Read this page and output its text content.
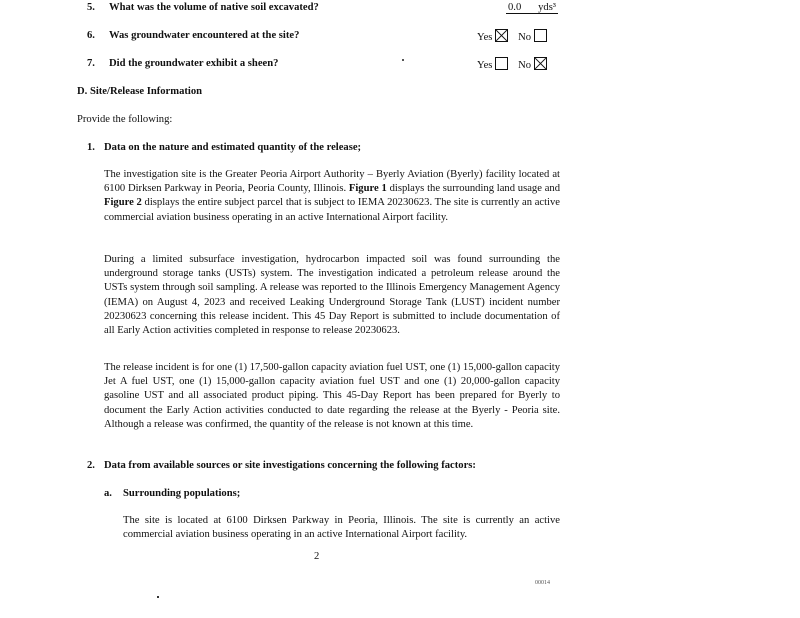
5. What was the volume of native soil excavated?	0.0 yds³
6. Was groundwater encountered at the site?	Yes No
7. Did the groundwater exhibit a sheen?	Yes No
D. Site/Release Information
Provide the following:
1. Data on the nature and estimated quantity of the release;
The investigation site is the Greater Peoria Airport Authority – Byerly Aviation (Byerly) facility located at 6100 Dirksen Parkway in Peoria, Peoria County, Illinois. Figure 1 displays the surrounding land usage and Figure 2 displays the entire subject parcel that is subject to IEMA 20230623. The site is currently an active commercial aviation business operating in an active International Airport facility.
During a limited subsurface investigation, hydrocarbon impacted soil was found surrounding the underground storage tanks (USTs) system. The investigation indicated a petroleum release around the USTs system through soil sampling. A release was reported to the Illinois Emergency Management Agency (IEMA) on August 4, 2023 and received Leaking Underground Storage Tank (LUST) incident number 20230623 concerning this release incident. This 45 Day Report is submitted to include documentation of all Early Action activities completed in response to release 20230623.
The release incident is for one (1) 17,500-gallon capacity aviation fuel UST, one (1) 15,000-gallon capacity Jet A fuel UST, one (1) 15,000-gallon capacity aviation fuel UST and one (1) 20,000-gallon capacity gasoline UST and all associated product piping. This 45-Day Report has been prepared for Byerly to document the Early Action activities conducted to date regarding the release at the Byerly - Peoria site. Although a release was confirmed, the quantity of the release is not known at this time.
2. Data from available sources or site investigations concerning the following factors:
a. Surrounding populations;
The site is located at 6100 Dirksen Parkway in Peoria, Illinois. The site is currently an active commercial aviation business operating in an active International Airport facility.
2
00014
